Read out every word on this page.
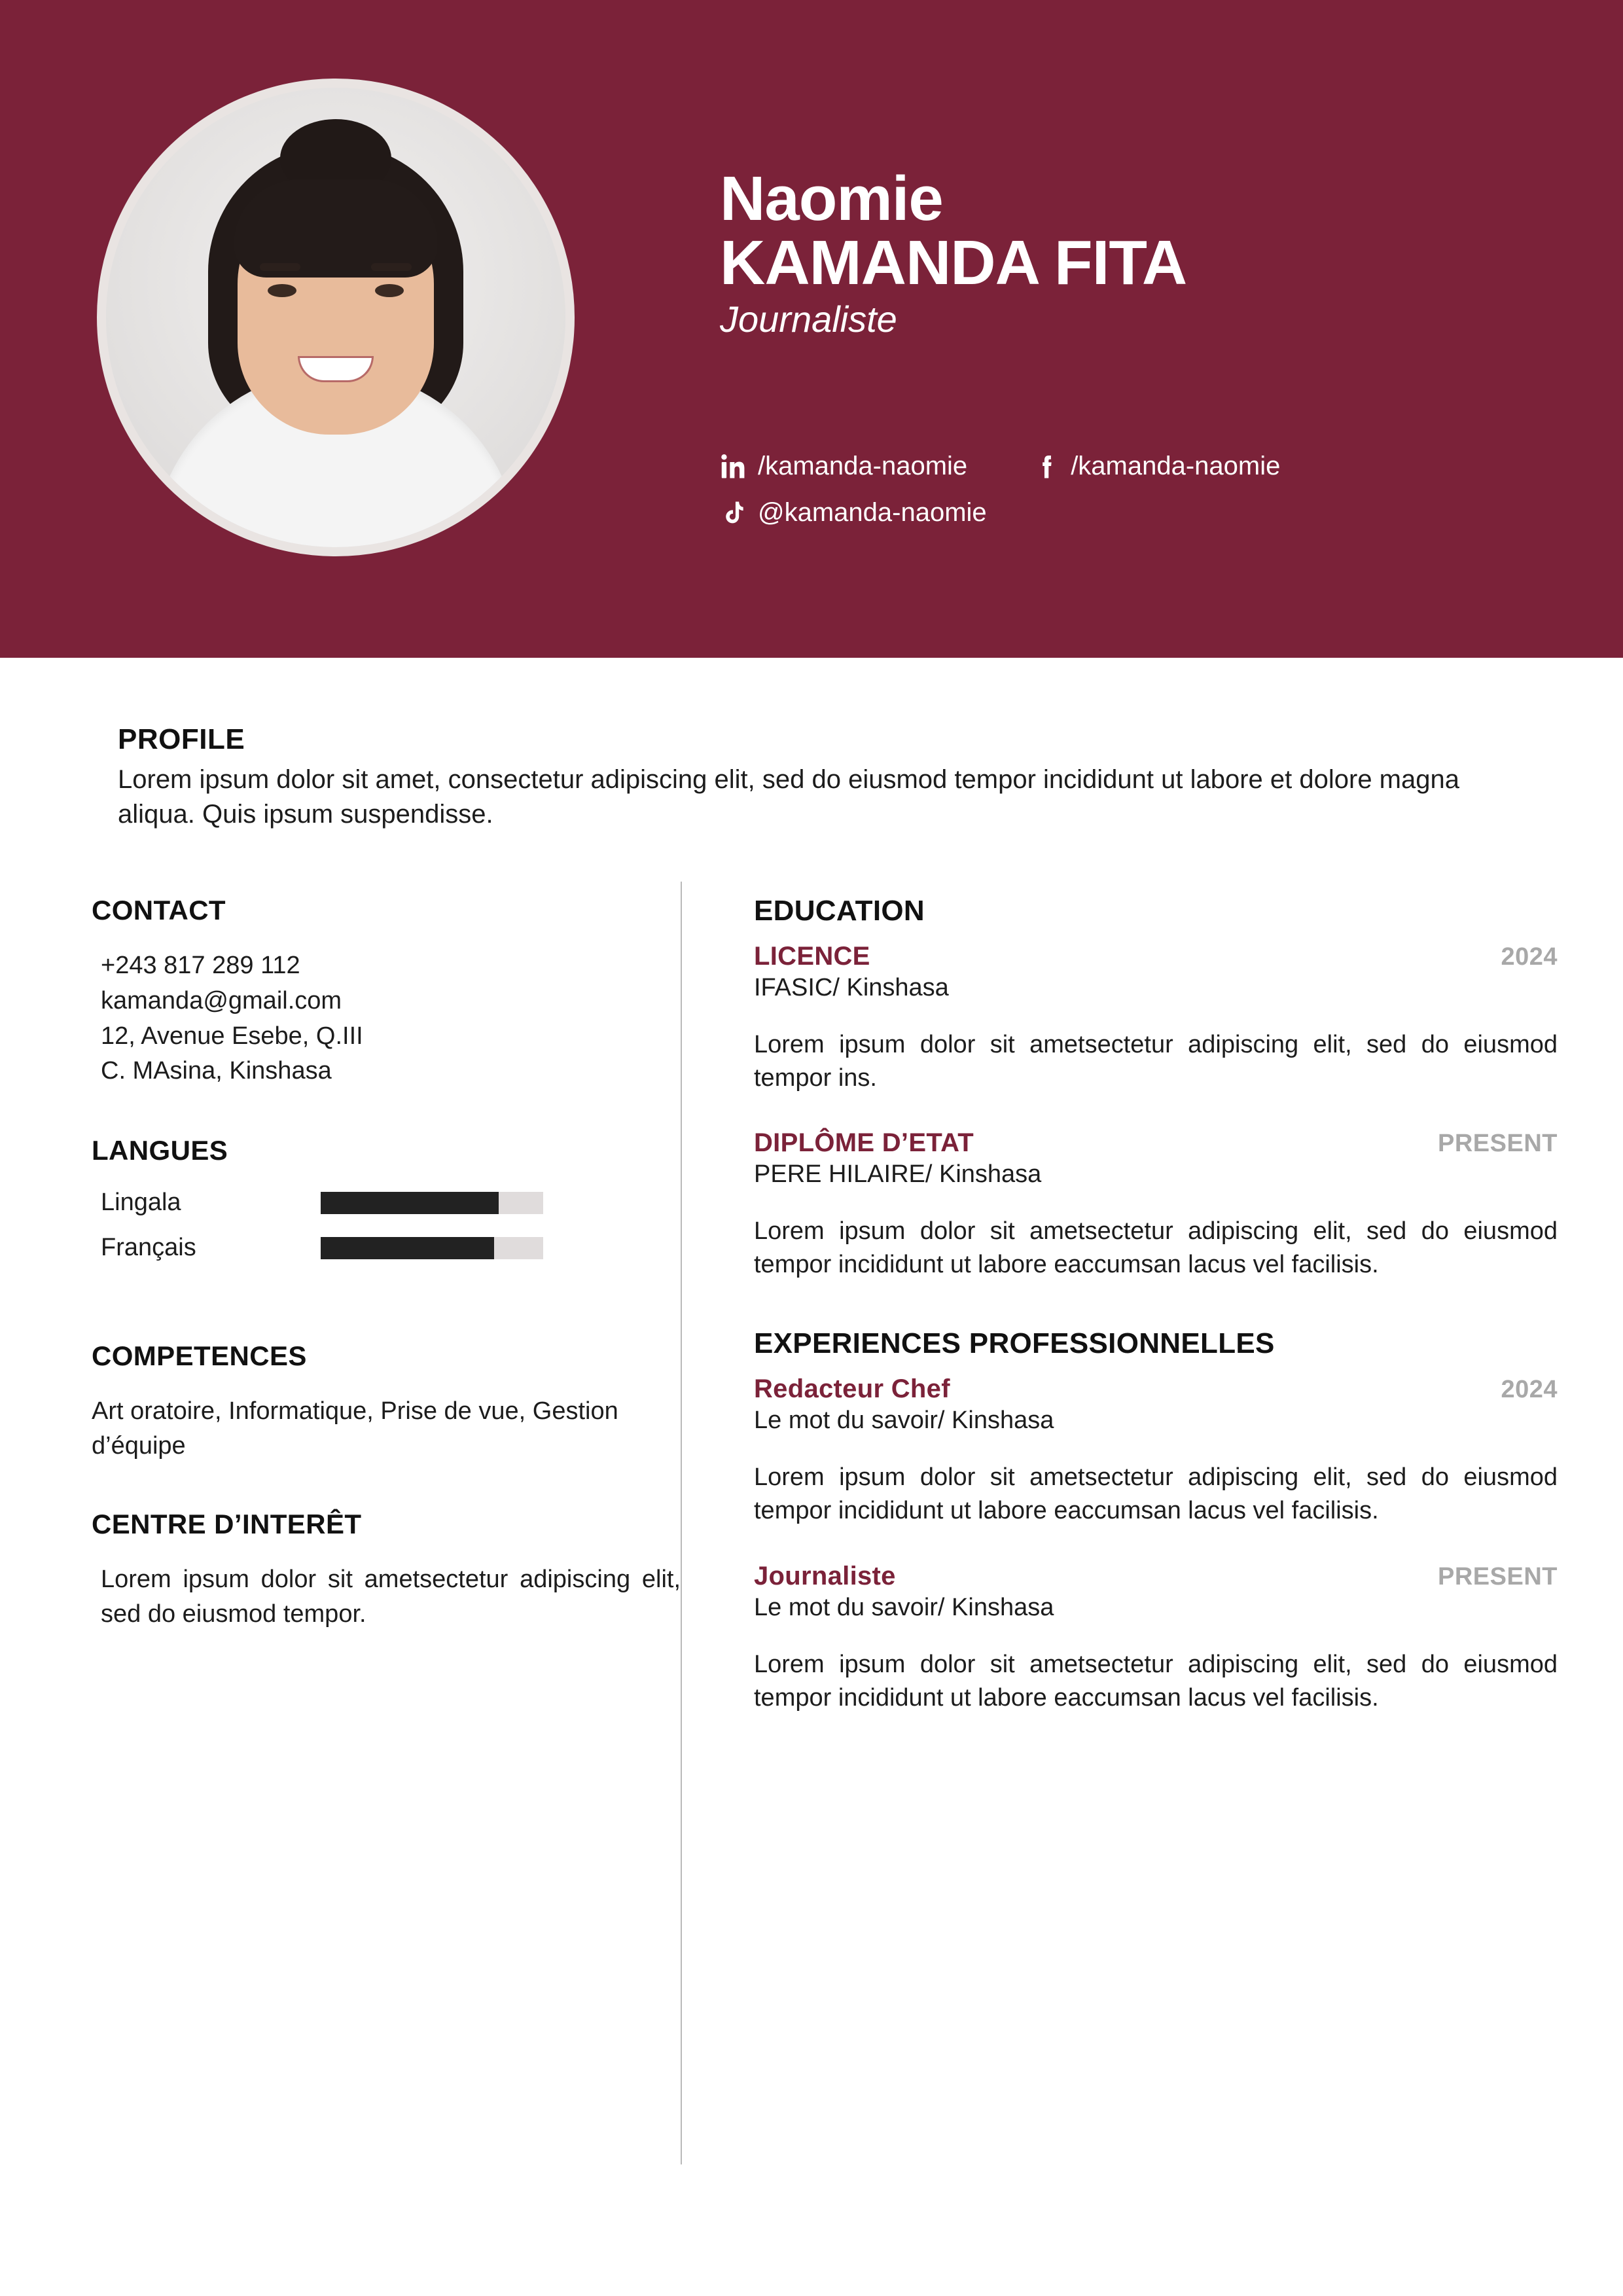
Naomie
KAMANDA FITA
Journaliste
/kamanda-naomie	/kamanda-naomie
@kamanda-naomie
PROFILE
Lorem ipsum dolor sit amet, consectetur adipiscing elit, sed do eiusmod tempor incididunt ut labore et dolore magna aliqua. Quis ipsum suspendisse.
CONTACT
+243 817 289 112
kamanda@gmail.com
12, Avenue Esebe, Q.III
C. MAsina, Kinshasa
LANGUES
Lingala
Français
COMPETENCES
Art oratoire, Informatique, Prise de vue, Gestion d’équipe
CENTRE D’INTERÊT
Lorem ipsum dolor sit ametsectetur adipiscing elit, sed do eiusmod tempor.
EDUCATION
LICENCE	2024
IFASIC/ Kinshasa
Lorem ipsum dolor sit ametsectetur adipiscing elit, sed do eiusmod tempor ins.
DIPLÔME D’ETAT	PRESENT
PERE HILAIRE/ Kinshasa
Lorem ipsum dolor sit ametsectetur adipiscing elit, sed do eiusmod tempor incididunt ut labore eaccumsan lacus vel facilisis.
EXPERIENCES PROFESSIONNELLES
Redacteur Chef	2024
Le mot du savoir/ Kinshasa
Lorem ipsum dolor sit ametsectetur adipiscing elit, sed do eiusmod tempor incididunt ut labore eaccumsan lacus vel facilisis.
Journaliste	PRESENT
Le mot du savoir/ Kinshasa
Lorem ipsum dolor sit ametsectetur adipiscing elit, sed do eiusmod tempor incididunt ut labore eaccumsan lacus vel facilisis.
